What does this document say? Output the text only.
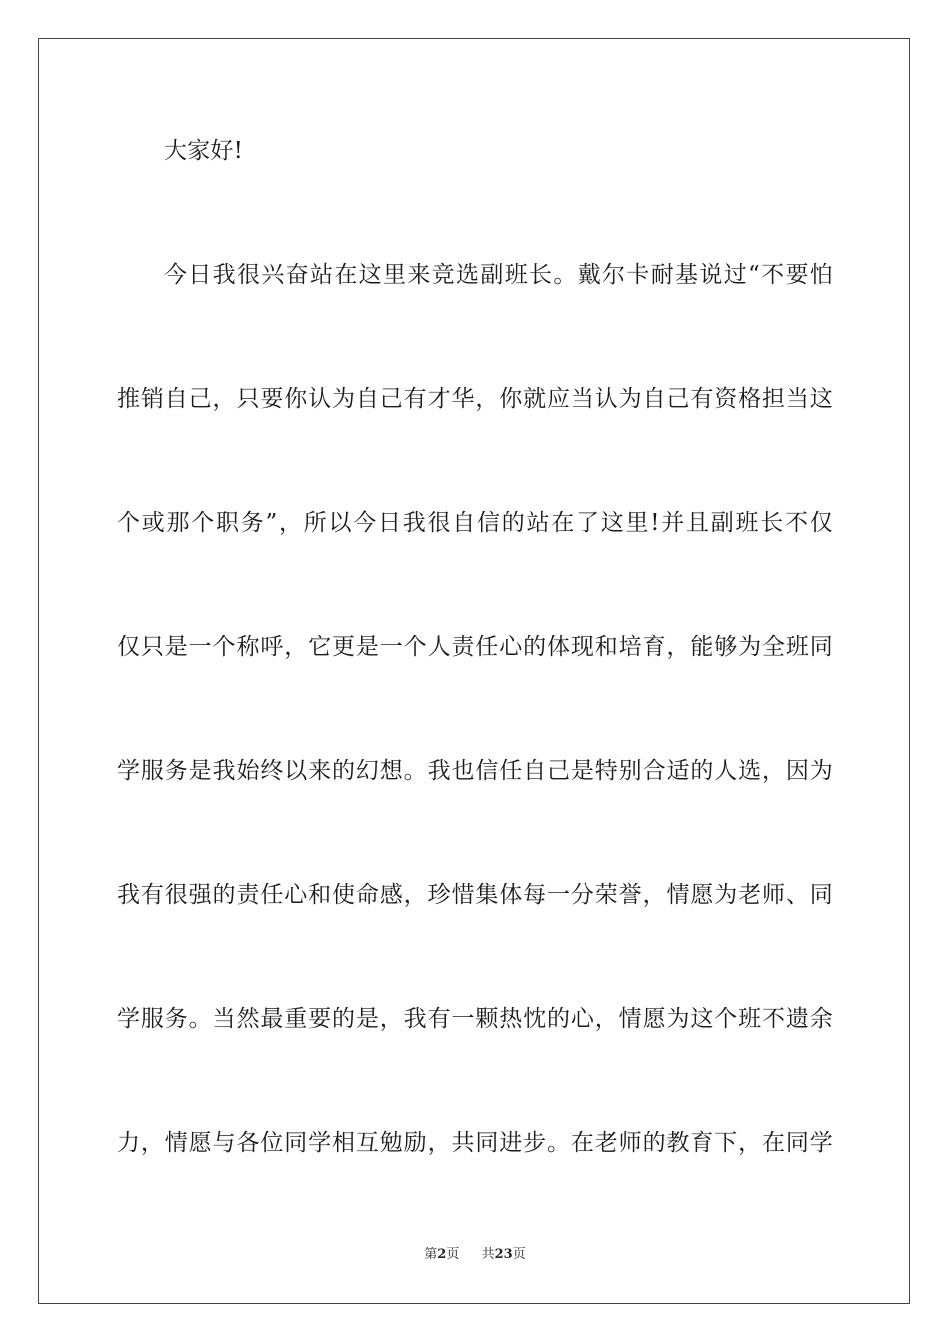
大家好!
今日我很兴奋站在这里来竞选副班长。戴尔卡耐基说过“不要怕
推销自己，只要你认为自己有才华，你就应当认为自己有资格担当这
个或那个职务”，所以今日我很自信的站在了这里!并且副班长不仅
仅只是一个称呼，它更是一个人责任心的体现和培育，能够为全班同
学服务是我始终以来的幻想。我也信任自己是特别合适的人选，因为
我有很强的责任心和使命感，珍惜集体每一分荣誉，情愿为老师、同
学服务。当然最重要的是，我有一颗热忱的心，情愿为这个班不遗余
力，情愿与各位同学相互勉励，共同进步。在老师的教育下，在同学
第2页 共23页
